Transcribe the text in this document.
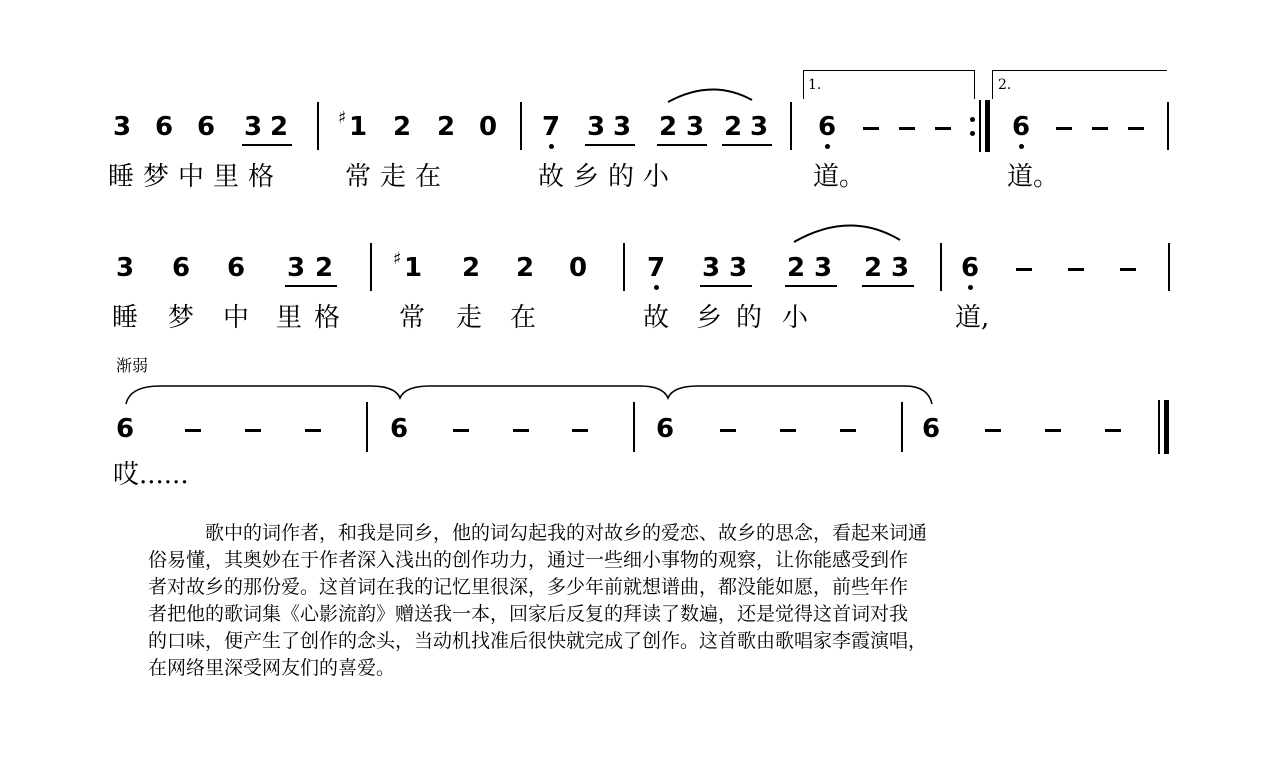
3 6 6 3 2	♯ 1 2 2 0 7 3 3 2 3 2 3
1.
6
2.
6
睡梦中里格 常走在	故乡的小	道。	道。
3 6 6 3 2	♯ 1 2 2 0 7 3 3 2 3 2 3 6
睡 梦 中 里 格 常 走 在	故 乡 的 小	道,
渐弱
6	6	6	6
哎......
歌中的词作者，和我是同乡，他的词勾起我的对故乡的爱恋、故乡的思念，看起来词通
俗易懂，其奥妙在于作者深入浅出的创作功力，通过一些细小事物的观察，让你能感受到作
者对故乡的那份爱。这首词在我的记忆里很深，多少年前就想谱曲，都没能如愿，前些年作
者把他的歌词集《心影流韵》赠送我一本，回家后反复的拜读了数遍，还是觉得这首词对我
的口味，便产生了创作的念头，当动机找准后很快就完成了创作。这首歌由歌唱家李霞演唱，
在网络里深受网友们的喜爱。
